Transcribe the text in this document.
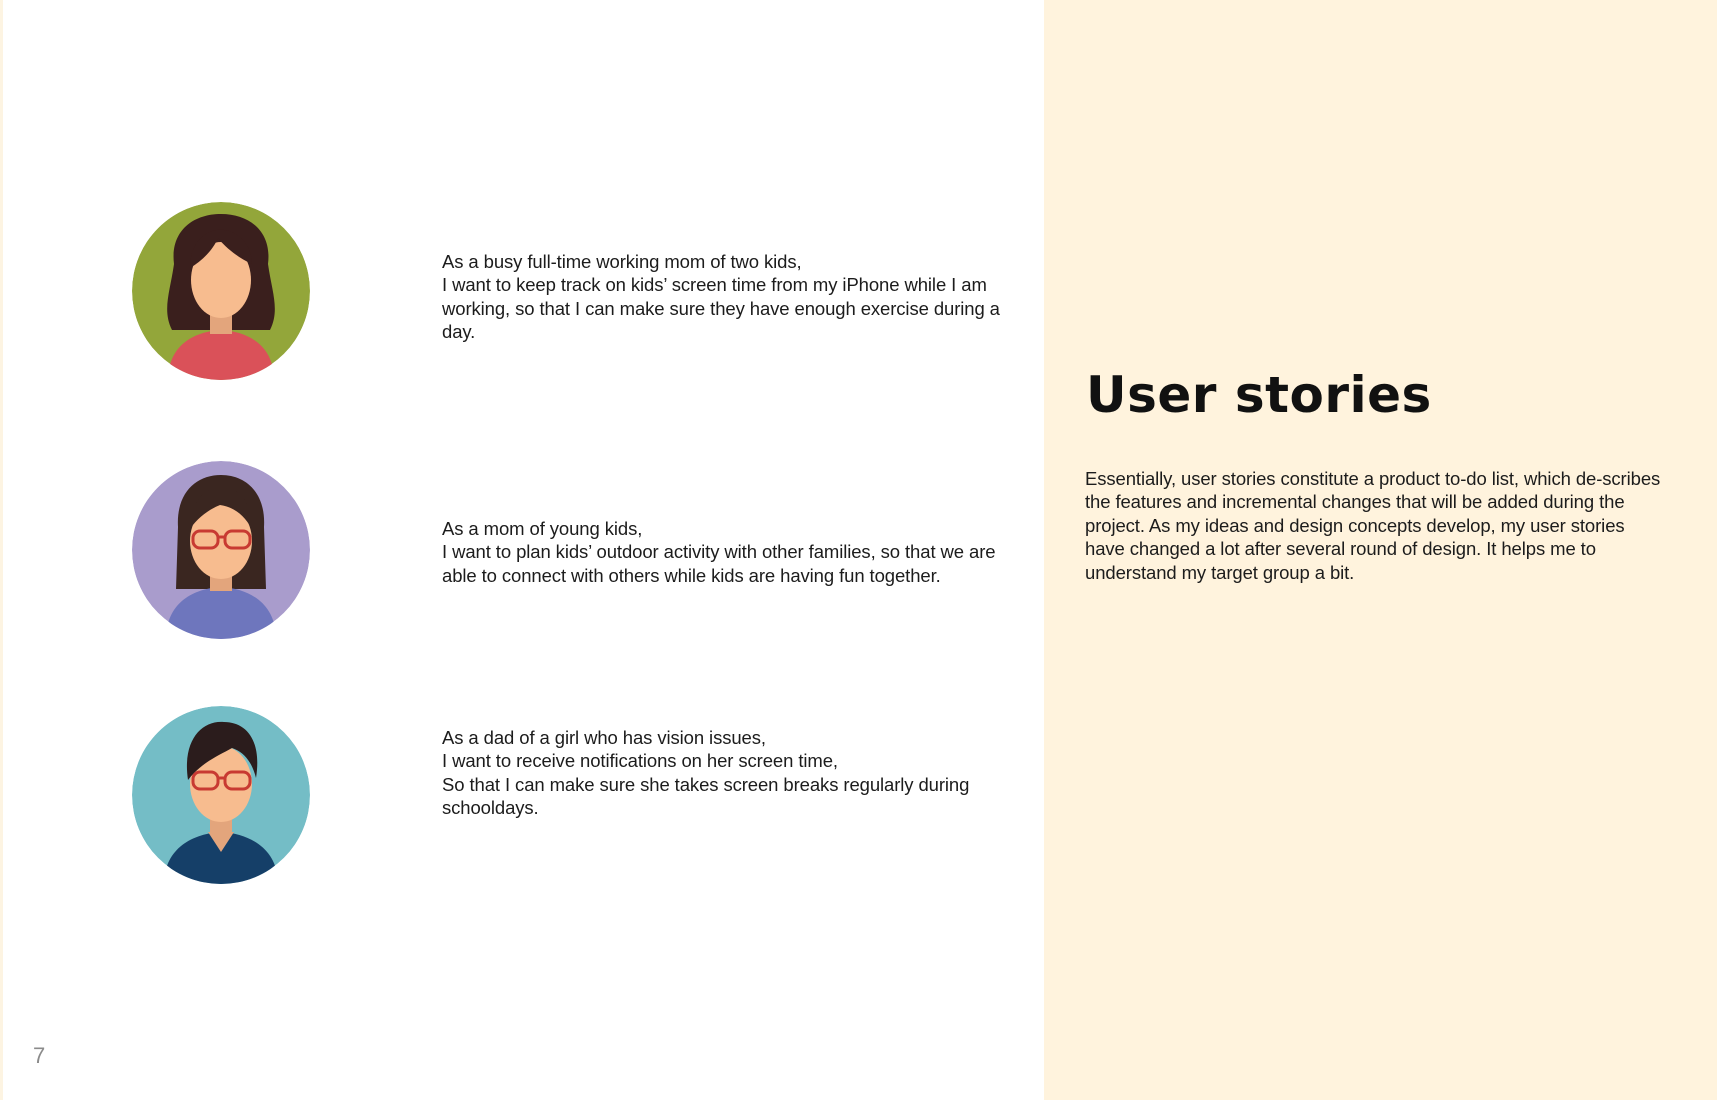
As a busy full-time working mom of two kids,

I want to keep track on kids’ screen time from my iPhone while I am working, so that I can make sure they have enough exercise during a day.

As a mom of young kids,

I want to plan kids’ outdoor activity with other families, so that we are able to connect with others while kids are having fun together.

As a dad of a girl who has vision issues,

I want to receive notifications on her screen time,

So that I can make sure she takes screen breaks regularly during schooldays.

7
User stories

Essentially, user stories constitute a product to-do list, which de-scribes the features and incremental changes that will be added during the project. As my ideas and design concepts develop, my user stories have changed a lot after several round of design. It helps me to understand my target group a bit.
